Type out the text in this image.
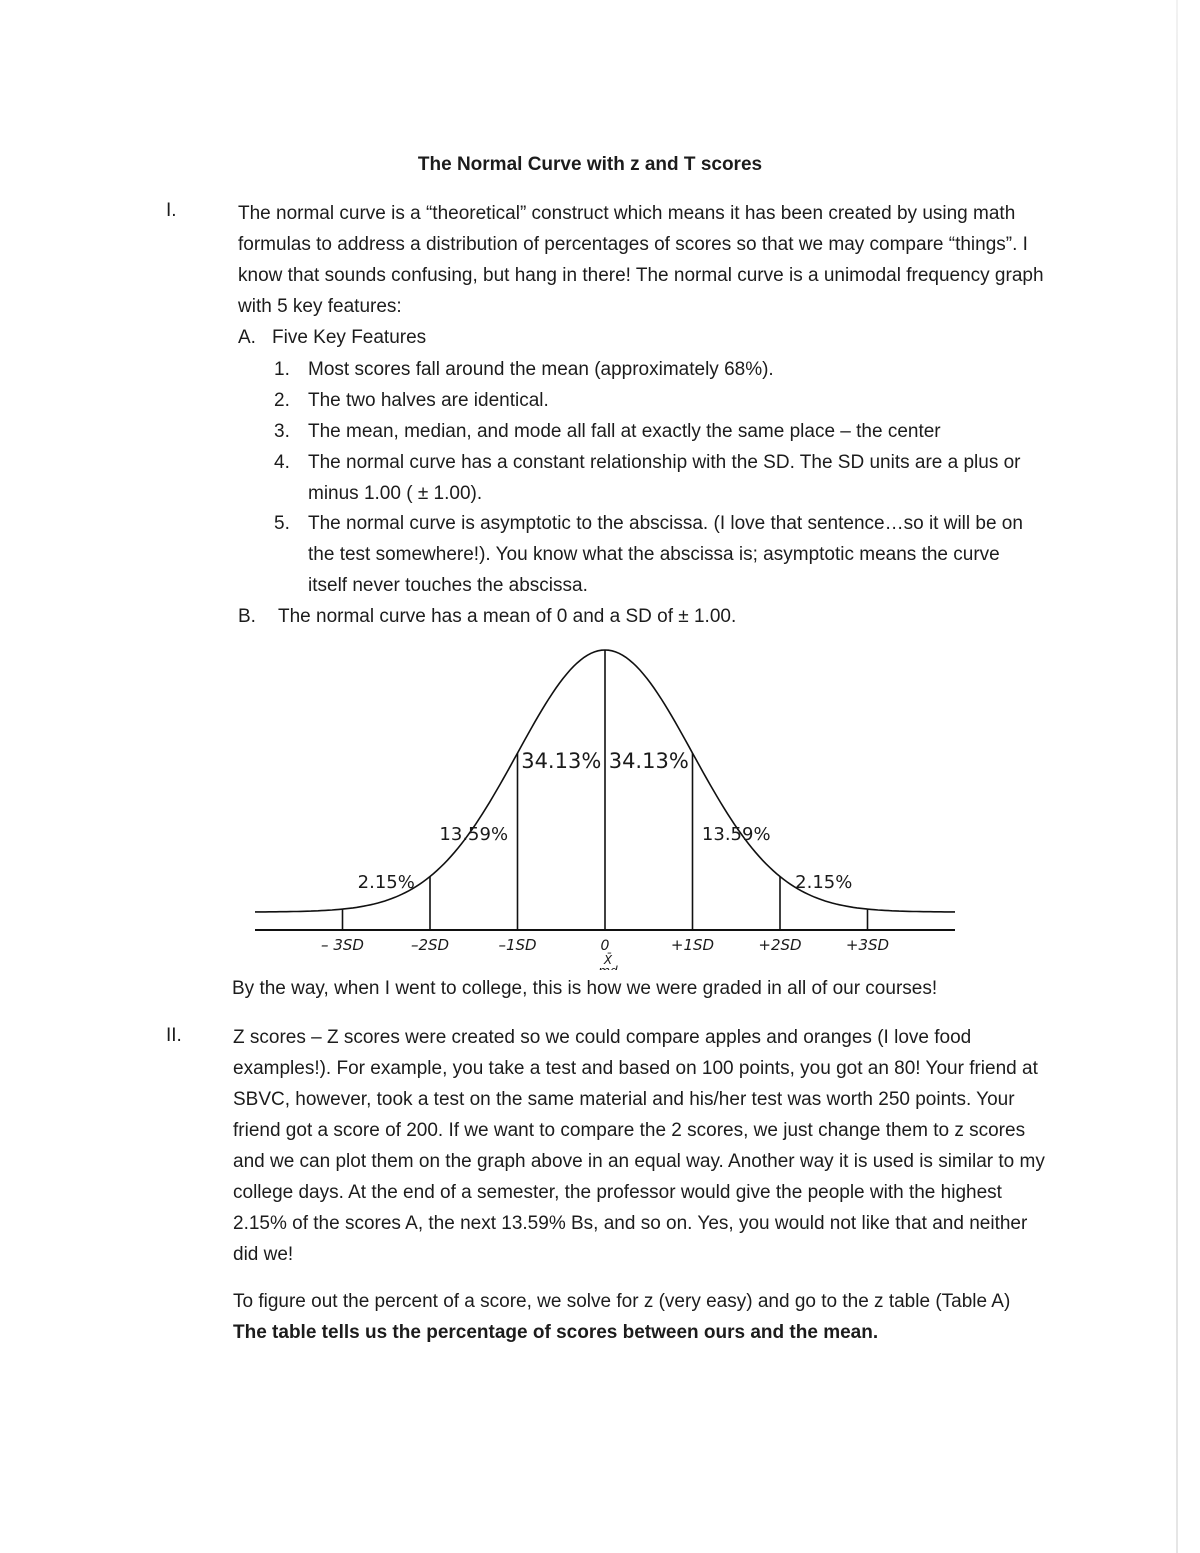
The Normal Curve with z and T scores
I.	The normal curve is a “theoretical” construct which means it has been created by using math formulas to address a distribution of percentages of scores so that we may compare “things”. I know that sounds confusing, but hang in there! The normal curve is a unimodal frequency graph with 5 key features:
A. Five Key Features
1. Most scores fall around the mean (approximately 68%).
2. The two halves are identical.
3. The mean, median, and mode all fall at exactly the same place – the center
4. The normal curve has a constant relationship with the SD. The SD units are a plus or minus 1.00 ( ± 1.00).
5. The normal curve is asymptotic to the abscissa. (I love that sentence…so it will be on the test somewhere!). You know what the abscissa is; asymptotic means the curve itself never touches the abscissa.
B. The normal curve has a mean of 0 and a SD of ± 1.00.
2.15%
13.59%
34.13% 34.13%
13.59%
2.15%
– 3SD	–2SD	–1SD	0	+1SD	+2SD	+3SD
X̄
By the way, when I went to college, this is how we were graded in all of our courses!
II.	Z scores – Z scores were created so we could compare apples and oranges (I love food examples!). For example, you take a test and based on 100 points, you got an 80! Your friend at SBVC, however, took a test on the same material and his/her test was worth 250 points. Your friend got a score of 200. If we want to compare the 2 scores, we just change them to z scores and we can plot them on the graph above in an equal way. Another way it is used is similar to my college days. At the end of a semester, the professor would give the people with the highest 2.15% of the scores A, the next 13.59% Bs, and so on. Yes, you would not like that and neither did we!
To figure out the percent of a score, we solve for z (very easy) and go to the z table (Table A) The table tells us the percentage of scores between ours and the mean.
